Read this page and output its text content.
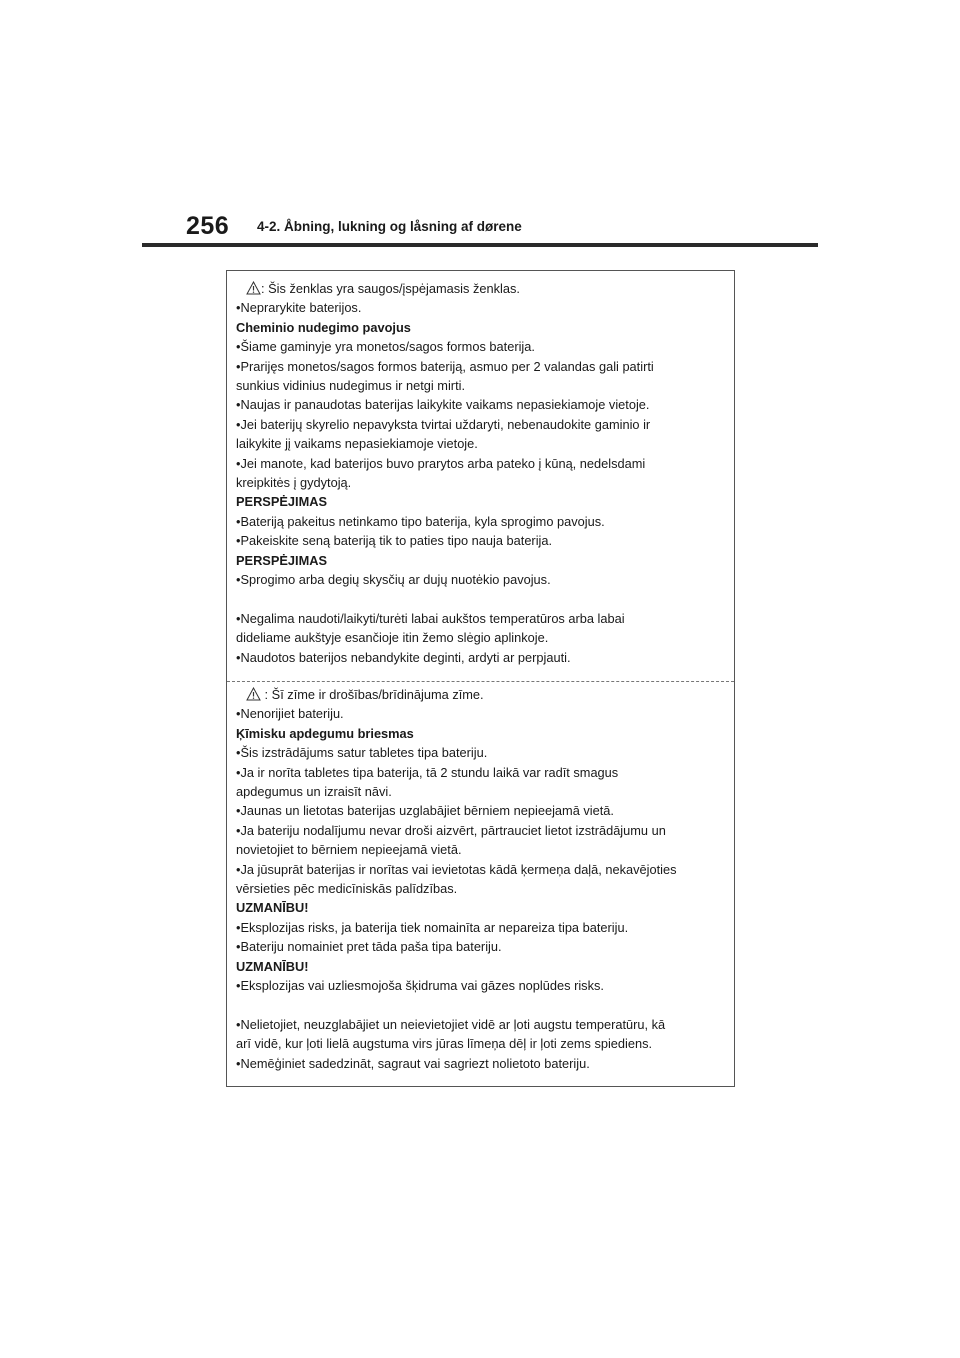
256 4-2. Åbning, lukning og låsning af dørene
: Šis ženklas yra saugos/įspėjamasis ženklas.
•Neprarykite baterijos.
Cheminio nudegimo pavojus
•Šiame gaminyje yra monetos/sagos formos baterija.
•Prarijęs monetos/sagos formos bateriją, asmuo per 2 valandas gali patirti
sunkius vidinius nudegimus ir netgi mirti.
•Naujas ir panaudotas baterijas laikykite vaikams nepasiekiamoje vietoje.
•Jei baterijų skyrelio nepavyksta tvirtai uždaryti, nebenaudokite gaminio ir
laikykite jį vaikams nepasiekiamoje vietoje.
•Jei manote, kad baterijos buvo prarytos arba pateko į kūną, nedelsdami
kreipkitės į gydytoją.
PERSPĖJIMAS
•Bateriją pakeitus netinkamo tipo baterija, kyla sprogimo pavojus.
•Pakeiskite seną bateriją tik to paties tipo nauja baterija.
PERSPĖJIMAS
•Sprogimo arba degių skysčių ar dujų nuotėkio pavojus.
•Negalima naudoti/laikyti/turėti labai aukštos temperatūros arba labai
dideliame aukštyje esančioje itin žemo slėgio aplinkoje.
•Naudotos baterijos nebandykite deginti, ardyti ar perpjauti.
: Šī zīme ir drošības/brīdinājuma zīme.
•Nenorijiet bateriju.
Ķīmisku apdegumu briesmas
•Šis izstrādājums satur tabletes tipa bateriju.
•Ja ir norīta tabletes tipa baterija, tā 2 stundu laikā var radīt smagus
apdegumus un izraisīt nāvi.
•Jaunas un lietotas baterijas uzglabājiet bērniem nepieejamā vietā.
•Ja bateriju nodalījumu nevar droši aizvērt, pārtrauciet lietot izstrādājumu un
novietojiet to bērniem nepieejamā vietā.
•Ja jūsuprāt baterijas ir norītas vai ievietotas kādā ķermeņa daļā, nekavējoties
vērsieties pēc medicīniskās palīdzības.
UZMANĪBU!
•Eksplozijas risks, ja baterija tiek nomainīta ar nepareiza tipa bateriju.
•Bateriju nomainiet pret tāda paša tipa bateriju.
UZMANĪBU!
•Eksplozijas vai uzliesmojoša šķidruma vai gāzes noplūdes risks.
•Nelietojiet, neuzglabājiet un neievietojiet vidē ar ļoti augstu temperatūru, kā
arī vidē, kur ļoti lielā augstuma virs jūras līmeņa dēļ ir ļoti zems spiediens.
•Nemēģiniet sadedzināt, sagraut vai sagriezt nolietoto bateriju.
